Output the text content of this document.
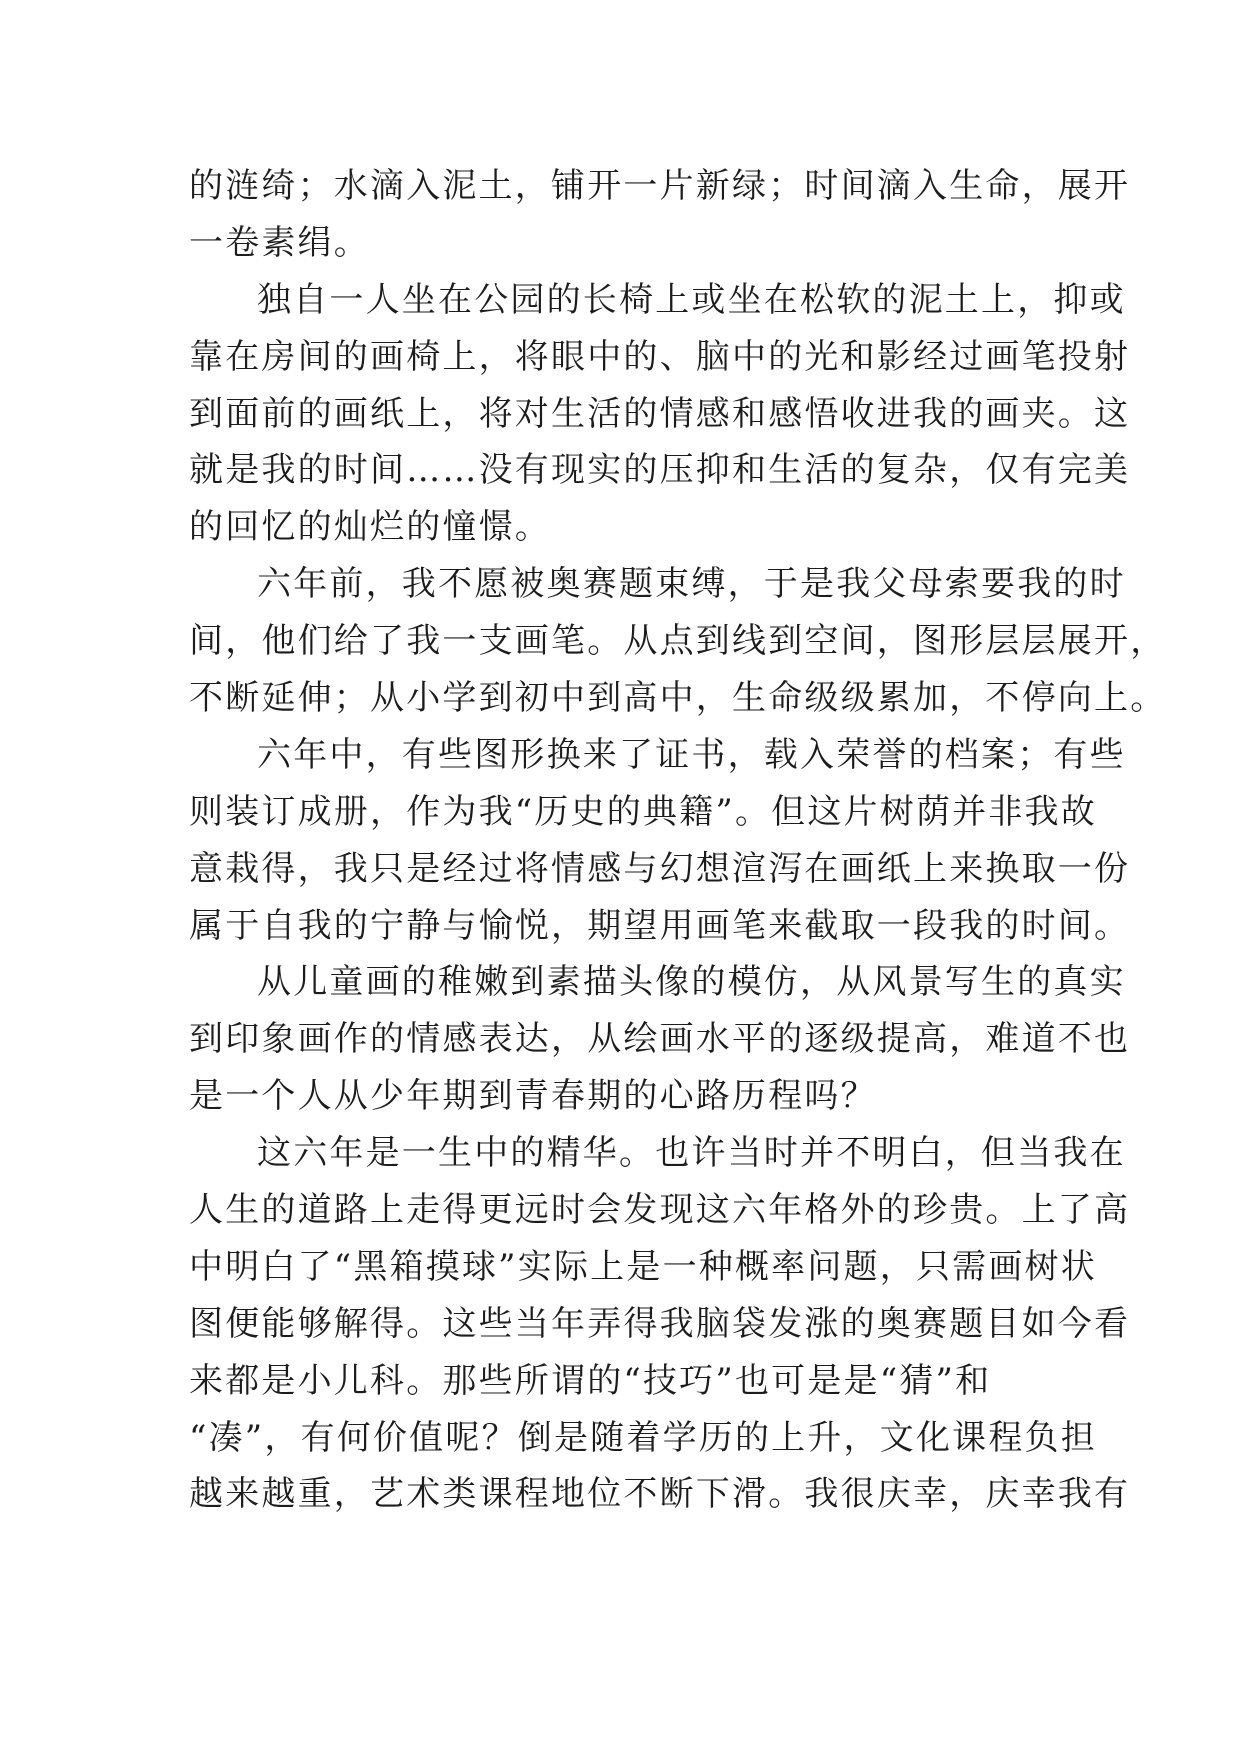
的涟绮；水滴入泥土，铺开一片新绿；时间滴入生命，展开
一卷素绢。
独自一人坐在公园的长椅上或坐在松软的泥土上，抑或
靠在房间的画椅上，将眼中的、脑中的光和影经过画笔投射
到面前的画纸上，将对生活的情感和感悟收进我的画夹。这
就是我的时间……没有现实的压抑和生活的复杂，仅有完美
的回忆的灿烂的憧憬。
六年前，我不愿被奥赛题束缚，于是我父母索要我的时
间，他们给了我一支画笔。从点到线到空间，图形层层展开，
不断延伸；从小学到初中到高中，生命级级累加，不停向上。
六年中，有些图形换来了证书，载入荣誉的档案；有些
则装订成册，作为我“历史的典籍”。但这片树荫并非我故
意栽得，我只是经过将情感与幻想渲泻在画纸上来换取一份
属于自我的宁静与愉悦，期望用画笔来截取一段我的时间。
从儿童画的稚嫩到素描头像的模仿，从风景写生的真实
到印象画作的情感表达，从绘画水平的逐级提高，难道不也
是一个人从少年期到青春期的心路历程吗？
这六年是一生中的精华。也许当时并不明白，但当我在
人生的道路上走得更远时会发现这六年格外的珍贵。上了高
中明白了“黑箱摸球”实际上是一种概率问题，只需画树状
图便能够解得。这些当年弄得我脑袋发涨的奥赛题目如今看
来都是小儿科。那些所谓的“技巧”也可是是“猜”和
“凑”，有何价值呢？倒是随着学历的上升，文化课程负担
越来越重，艺术类课程地位不断下滑。我很庆幸，庆幸我有
